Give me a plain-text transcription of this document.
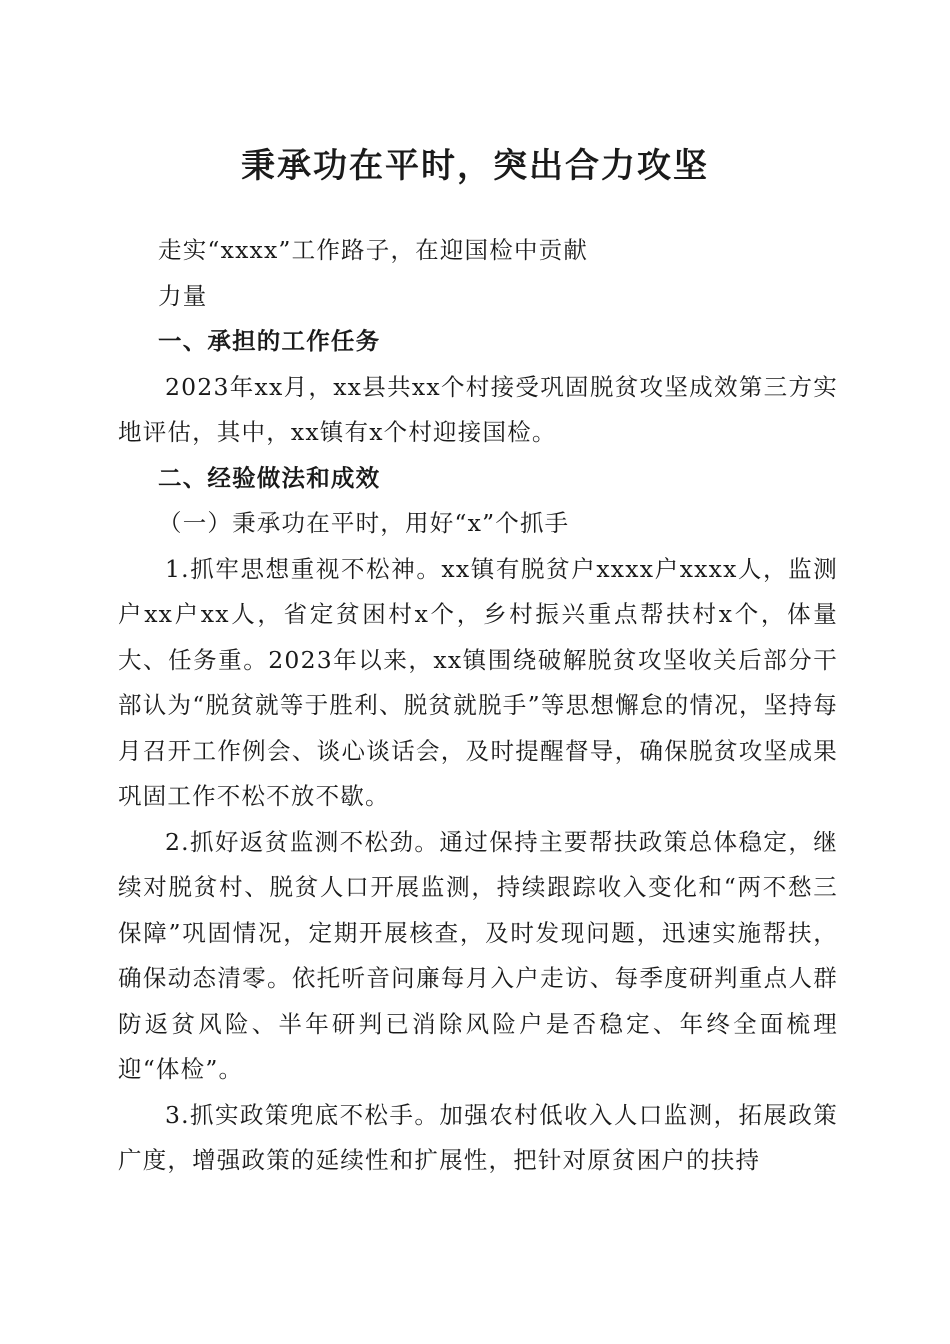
秉承功在平时，突出合力攻坚

走实“xxxx”工作路子，在迎国检中贡献

力量

一、承担的工作任务

2023年xx月，xx县共xx个村接受巩固脱贫攻坚成效第三方实地评估，其中，xx镇有x个村迎接国检。

二、经验做法和成效

（一）秉承功在平时，用好“x”个抓手

1.抓牢思想重视不松神。xx镇有脱贫户xxxx户xxxx人，监测户xx户xx人，省定贫困村x个，乡村振兴重点帮扶村x个，体量大、任务重。2023年以来，xx镇围绕破解脱贫攻坚收关后部分干部认为“脱贫就等于胜利、脱贫就脱手”等思想懈怠的情况，坚持每月召开工作例会、谈心谈话会，及时提醒督导，确保脱贫攻坚成果巩固工作不松不放不歇。

2.抓好返贫监测不松劲。通过保持主要帮扶政策总体稳定，继续对脱贫村、脱贫人口开展监测，持续跟踪收入变化和“两不愁三保障”巩固情况，定期开展核查，及时发现问题，迅速实施帮扶，确保动态清零。依托听音问廉每月入户走访、每季度研判重点人群防返贫风险、半年研判已消除风险户是否稳定、年终全面梳理迎“体检”。

3.抓实政策兜底不松手。加强农村低收入人口监测，拓展政策广度，增强政策的延续性和扩展性，把针对原贫困户的扶持
